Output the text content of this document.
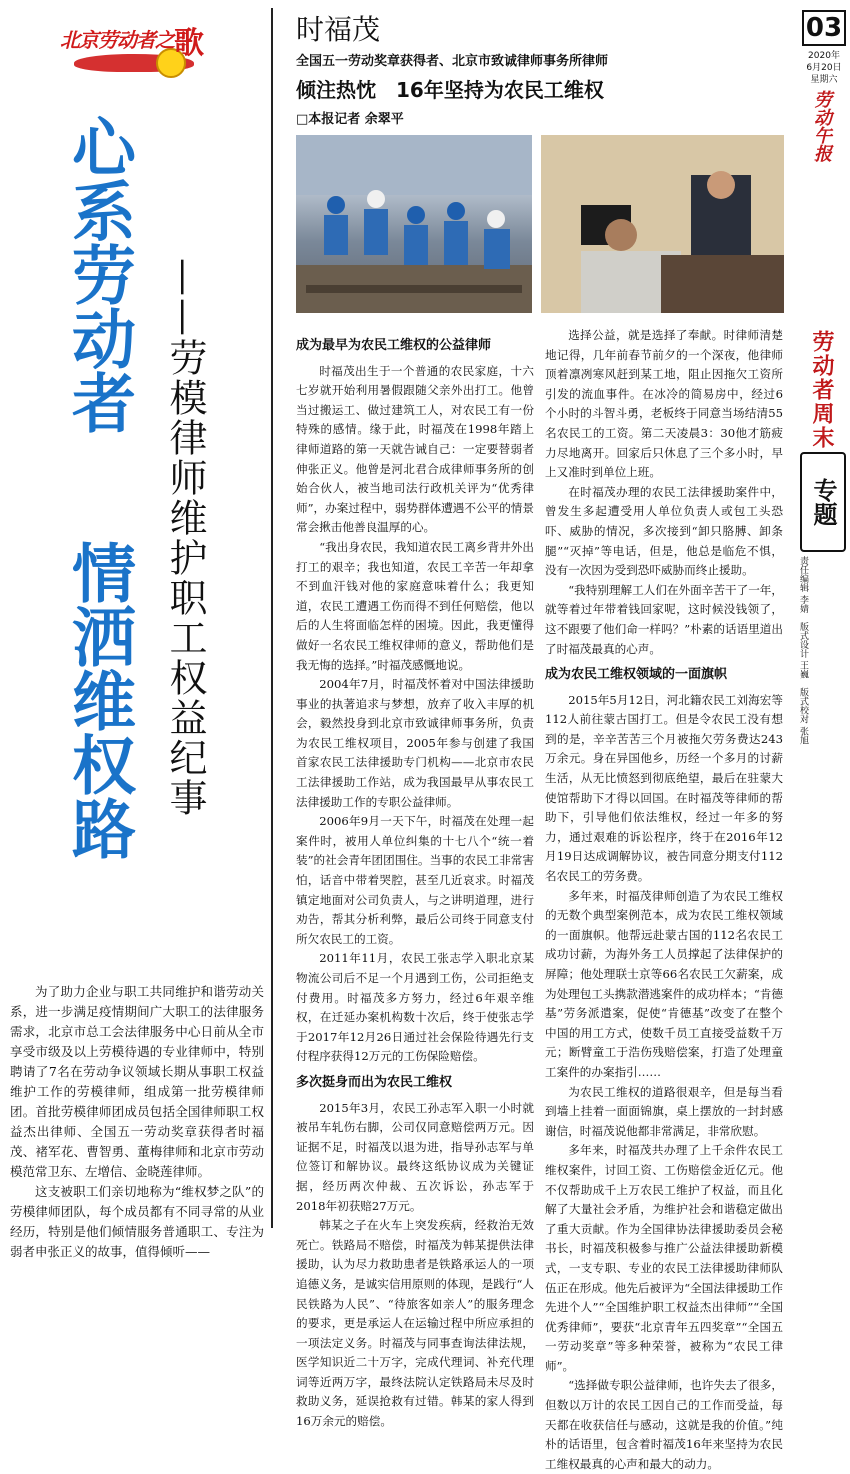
北京劳动者之 歌
心系劳动者
情洒维权路 ——劳模律师维护职工权益纪事

为了助力企业与职工共同维护和谐劳动关系，进一步满足疫情期间广大职工的法律服务需求，北京市总工会法律服务中心日前从全市享受市级及以上劳模待遇的专业律师中，特别聘请了7名在劳动争议领域长期从事职工权益维护工作的劳模律师，组成第一批劳模律师团。首批劳模律师团成员包括全国律师职工权益杰出律师、全国五一劳动奖章获得者时福茂、褚军花、曹智勇、董梅律师和北京市劳动模范常卫东、左增信、金晓莲律师。

这支被职工们亲切地称为“维权梦之队”的劳模律师团队，每个成员都有不同寻常的从业经历，特别是他们倾情服务普通职工、专注为弱者申张正义的故事，值得倾听——

时福茂
全国五一劳动奖章获得者、北京市致诚律师事务所律师
倾注热忱　16年坚持为农民工维权
□本报记者 余翠平
成为最早为农民工维权的公益律师

时福茂出生于一个普通的农民家庭，十六七岁就开始利用暑假跟随父亲外出打工。他曾当过搬运工、做过建筑工人，对农民工有一份特殊的感情。缘于此，时福茂在1998年踏上律师道路的第一天就告诫自己：一定要替弱者伸张正义。他曾是河北君合成律师事务所的创始合伙人，被当地司法行政机关评为“优秀律师”，办案过程中，弱势群体遭遇不公平的情景常会揪击他善良温厚的心。

“我出身农民，我知道农民工离乡背井外出打工的艰辛；我也知道，农民工辛苦一年却拿不到血汗钱对他的家庭意味着什么；我更知道，农民工遭遇工伤而得不到任何赔偿，他以后的人生将面临怎样的困境。因此，我更懂得做好一名农民工维权律师的意义，帮助他们是我无悔的选择。”时福茂感慨地说。

2004年7月，时福茂怀着对中国法律援助事业的执著追求与梦想，放弃了收入丰厚的机会，毅然投身到北京市致诚律师事务所，负责为农民工维权项目，2005年参与创建了我国首家农民工法律援助专门机构——北京市农民工法律援助工作站，成为我国最早从事农民工法律援助工作的专职公益律师。

2006年9月一天下午，时福茂在处理一起案件时，被用人单位纠集的十七八个“统一着装”的社会青年团团围住。当事的农民工非常害怕，话音中带着哭腔，甚至几近哀求。时福茂镇定地面对公司负责人，与之讲明道理，进行劝告，帮其分析利弊，最后公司终于同意支付所欠农民工的工资。

2011年11月，农民工张志学入职北京某物流公司后不足一个月遇到工伤，公司拒绝支付费用。时福茂多方努力，经过6年艰辛维权，在迁延办案机构数十次后，终于使张志学于2017年12月26日通过社会保险待遇先行支付程序获得12万元的工伤保险赔偿。

多次挺身而出为农民工维权

2015年3月，农民工孙志军入职一小时就被吊车轧伤右脚，公司仅同意赔偿两万元。因证据不足，时福茂以退为进，指导孙志军与单位签订和解协议。最终这纸协议成为关键证据，经历两次仲裁、五次诉讼，孙志军于2018年初获赔27万元。

韩某之子在火车上突发疾病，经救治无效死亡。铁路局不赔偿，时福茂为韩某提供法律援助，认为尽力救助患者是铁路承运人的一项追德义务，是诚实信用原则的体现，是践行“人民铁路为人民”、“待旅客如亲人”的服务理念的要求，更是承运人在运输过程中所应承担的一项法定义务。时福茂与同事查询法律法规，医学知识近二十万字，完成代理词、补充代理词等近两万字，最终法院认定铁路局未尽及时救助义务，延误抢救有过错。韩某的家人得到16万余元的赔偿。

选择公益，就是选择了奉献。时律师清楚地记得，几年前春节前夕的一个深夜，他律师顶着凛冽寒风赶到某工地，阻止因拖欠工资所引发的流血事件。在冰冷的简易房中，经过6个小时的斗智斗勇，老板终于同意当场结清55名农民工的工资。第二天凌晨3：30他才筋疲力尽地离开。回家后只休息了三个多小时，早上又准时到单位上班。

在时福茂办理的农民工法律援助案件中，曾发生多起遭受用人单位负责人或包工头恐吓、威胁的情况，多次接到“卸只胳膊、卸条腿”“灭掉”等电话，但是，他总是临危不惧，没有一次因为受到恐吓威胁而终止援助。

“我特别理解工人们在外面辛苦干了一年，就等着过年带着钱回家呢，这时候没钱领了，这不跟要了他们命一样吗？”朴素的话语里道出了时福茂最真的心声。

成为农民工维权领域的一面旗帜

2015年5月12日，河北籍农民工刘海宏等112人前往蒙古国打工。但是令农民工没有想到的是，辛辛苦苦三个月被拖欠劳务费达243万余元。身在异国他乡，历经一个多月的讨薪生活，从无比愤怒到彻底绝望，最后在驻蒙大使馆帮助下才得以回国。在时福茂等律师的帮助下，引导他们依法维权，经过一年多的努力，通过艰难的诉讼程序，终于在2016年12月19日达成调解协议，被告同意分期支付112名农民工的劳务费。

多年来，时福茂律师创造了为农民工维权的无数个典型案例范本，成为农民工维权领域的一面旗帜。他帮远赴蒙古国的112名农民工成功讨薪，为海外务工人员撑起了法律保护的屏障；他处理联士京等66名农民工欠薪案，成为处理包工头携款潜逃案件的成功样本；“肯德基”劳务派遣案，促使“肯德基”改变了在整个中国的用工方式，使数千员工直接受益数千万元；断臂童工于浩伤残赔偿案，打造了处理童工案件的办案指引……

为农民工维权的道路很艰辛，但是每当看到墙上挂着一面面锦旗，桌上摆放的一封封感谢信，时福茂说他都非常满足，非常欣慰。

多年来，时福茂共办理了上千余件农民工维权案件，讨回工资、工伤赔偿金近亿元。他不仅帮助成千上万农民工维护了权益，而且化解了大量社会矛盾，为维护社会和谐稳定做出了重大贡献。作为全国律协法律援助委员会秘书长，时福茂积极参与推广公益法律援助新模式，一支专职、专业的农民工法律援助律师队伍正在形成。他先后被评为“全国法律援助工作先进个人”“全国维护职工权益杰出律师”“全国优秀律师”，要获“北京青年五四奖章”“全国五一劳动奖章”等多种荣誉，被称为“农民工律师”。

“选择做专职公益律师，也许失去了很多，但数以万计的农民工因自己的工作而受益，每天都在收获信任与感动，这就是我的价值。”纯朴的话语里，包含着时福茂16年来坚持为农民工维权最真的心声和最大的动力。

03
2020年
6月20日
星期六
劳动午报
劳动者周末
专题
责任编辑 李婧　版式设计 王巍　版式校对 张旭
